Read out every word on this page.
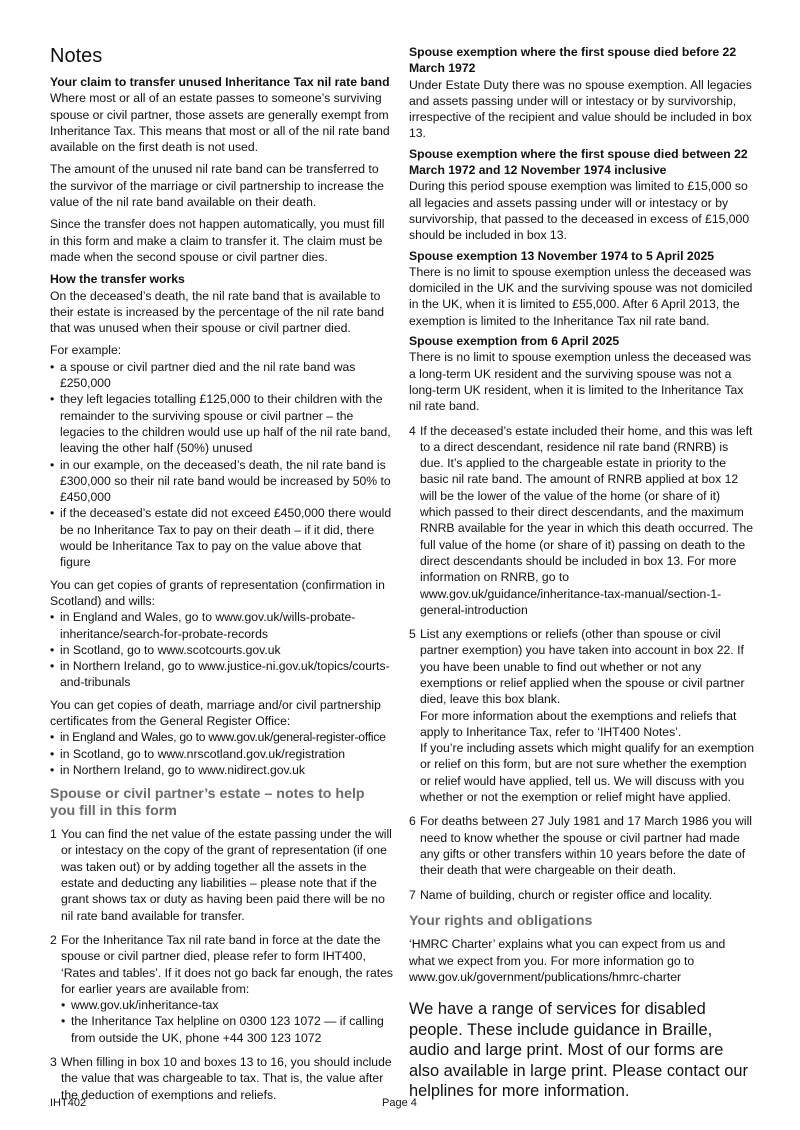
Notes
Your claim to transfer unused Inheritance Tax nil rate band

Where most or all of an estate passes to someone’s surviving spouse or civil partner, those assets are generally exempt from Inheritance Tax. This means that most or all of the nil rate band available on the first death is not used.

The amount of the unused nil rate band can be transferred to the survivor of the marriage or civil partnership to increase the value of the nil rate band available on their death.

Since the transfer does not happen automatically, you must fill in this form and make a claim to transfer it. The claim must be made when the second spouse or civil partner dies.

How the transfer works

On the deceased’s death, the nil rate band that is available to their estate is increased by the percentage of the nil rate band that was unused when their spouse or civil partner died.

For example:

• a spouse or civil partner died and the nil rate band was £250,000
• they left legacies totalling £125,000 to their children with the remainder to the surviving spouse or civil partner – the legacies to the children would use up half of the nil rate band, leaving the other half (50%) unused
• in our example, on the deceased’s death, the nil rate band is £300,000 so their nil rate band would be increased by 50% to £450,000
• if the deceased’s estate did not exceed £450,000 there would be no Inheritance Tax to pay on their death – if it did, there would be Inheritance Tax to pay on the value above that figure

You can get copies of grants of representation (confirmation in Scotland) and wills:

• in England and Wales, go to www.gov.uk/wills-probate-inheritance/search-for-probate-records
• in Scotland, go to www.scotcourts.gov.uk
• in Northern Ireland, go to www.justice-ni.gov.uk/topics/courts-and-tribunals

You can get copies of death, marriage and/or civil partnership certificates from the General Register Office:

• in England and Wales, go to www.gov.uk/general-register-office
• in Scotland, go to www.nrscotland.gov.uk/registration
• in Northern Ireland, go to www.nidirect.gov.uk
Spouse or civil partner’s estate – notes to help you fill in this form
1 You can find the net value of the estate passing under the will or intestacy on the copy of the grant of representation (if one was taken out) or by adding together all the assets in the estate and deducting any liabilities – please note that if the grant shows tax or duty as having been paid there will be no nil rate band available for transfer.
2 For the Inheritance Tax nil rate band in force at the date the spouse or civil partner died, please refer to form IHT400, ‘Rates and tables’. If it does not go back far enough, the rates for earlier years are available from:
• www.gov.uk/inheritance-tax
• the Inheritance Tax helpline on 0300 123 1072 — if calling from outside the UK, phone +44 300 123 1072
3 When filling in box 10 and boxes 13 to 16, you should include the value that was chargeable to tax. That is, the value after the deduction of exemptions and reliefs.
Spouse exemption where the first spouse died before 22 March 1972
Under Estate Duty there was no spouse exemption. All legacies and assets passing under will or intestacy or by survivorship, irrespective of the recipient and value should be included in box 13.
Spouse exemption where the first spouse died between 22 March 1972 and 12 November 1974 inclusive
During this period spouse exemption was limited to £15,000 so all legacies and assets passing under will or intestacy or by survivorship, that passed to the deceased in excess of £15,000 should be included in box 13.
Spouse exemption 13 November 1974 to 5 April 2025
There is no limit to spouse exemption unless the deceased was domiciled in the UK and the surviving spouse was not domiciled in the UK, when it is limited to £55,000. After 6 April 2013, the exemption is limited to the Inheritance Tax nil rate band.
Spouse exemption from 6 April 2025
There is no limit to spouse exemption unless the deceased was a long-term UK resident and the surviving spouse was not a long-term UK resident, when it is limited to the Inheritance Tax nil rate band.
4 If the deceased’s estate included their home, and this was left to a direct descendant, residence nil rate band (RNRB) is due. It’s applied to the chargeable estate in priority to the basic nil rate band. The amount of RNRB applied at box 12 will be the lower of the value of the home (or share of it) which passed to their direct descendants, and the maximum RNRB available for the year in which this death occurred. The full value of the home (or share of it) passing on death to the direct descendants should be included in box 13. For more information on RNRB, go to www.gov.uk/guidance/inheritance-tax-manual/section-1-general-introduction
5 List any exemptions or reliefs (other than spouse or civil partner exemption) you have taken into account in box 22. If you have been unable to find out whether or not any exemptions or relief applied when the spouse or civil partner died, leave this box blank.
For more information about the exemptions and reliefs that apply to Inheritance Tax, refer to ‘IHT400 Notes’.
If you’re including assets which might qualify for an exemption or relief on this form, but are not sure whether the exemption or relief would have applied, tell us. We will discuss with you whether or not the exemption or relief might have applied.
6 For deaths between 27 July 1981 and 17 March 1986 you will need to know whether the spouse or civil partner had made any gifts or other transfers within 10 years before the date of their death that were chargeable on their death.
7 Name of building, church or register office and locality.
Your rights and obligations

‘HMRC Charter’ explains what you can expect from us and what we expect from you. For more information go to www.gov.uk/government/publications/hmrc-charter

We have a range of services for disabled people. These include guidance in Braille, audio and large print. Most of our forms are also available in large print. Please contact our helplines for more information.
IHT402	Page 4
